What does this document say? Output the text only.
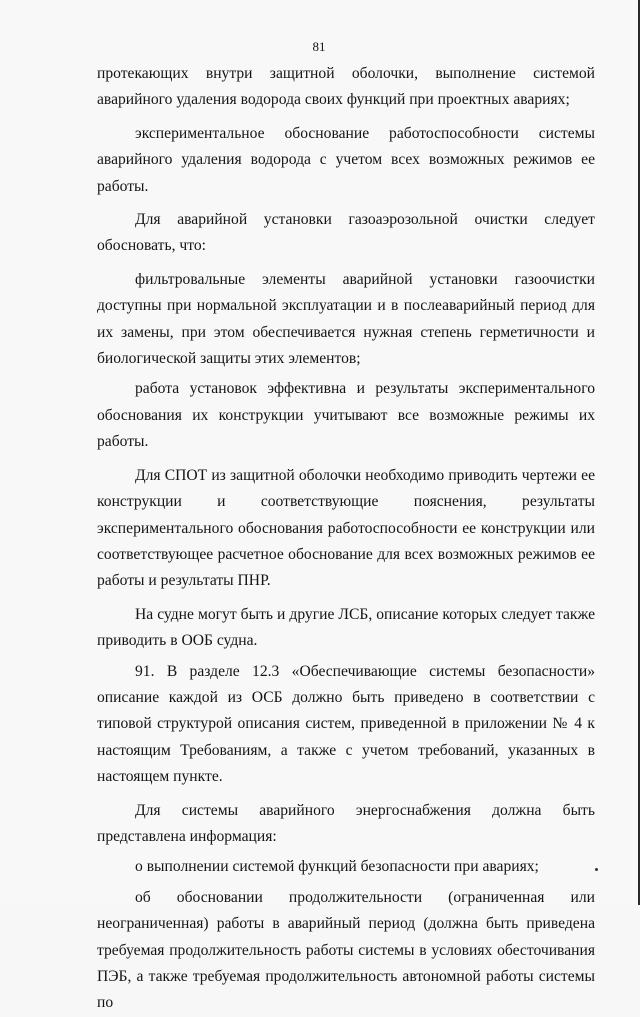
81

протекающих внутри защитной оболочки, выполнение системой аварийного удаления водорода своих функций при проектных авариях;

экспериментальное обоснование работоспособности системы аварийного удаления водорода с учетом всех возможных режимов ее работы.

Для аварийной установки газоаэрозольной очистки следует обосновать, что:

фильтровальные элементы аварийной установки газоочистки доступны при нормальной эксплуатации и в послеаварийный период для их замены, при этом обеспечивается нужная степень герметичности и биологической защиты этих элементов;

работа установок эффективна и результаты экспериментального обоснования их конструкции учитывают все возможные режимы их работы.

Для СПОТ из защитной оболочки необходимо приводить чертежи ее конструкции и соответствующие пояснения, результаты экспериментального обоснования работоспособности ее конструкции или соответствующее расчетное обоснование для всех возможных режимов ее работы и результаты ПНР.

На судне могут быть и другие ЛСБ, описание которых следует также приводить в ООБ судна.

91. В разделе 12.3 «Обеспечивающие системы безопасности» описание каждой из ОСБ должно быть приведено в соответствии с типовой структурой описания систем, приведенной в приложении № 4 к настоящим Требованиям, а также с учетом требований, указанных в настоящем пункте.

Для системы аварийного энергоснабжения должна быть представлена информация:

о выполнении системой функций безопасности при авариях;

об обосновании продолжительности (ограниченная или неограниченная) работы в аварийный период (должна быть приведена требуемая продолжительность работы системы в условиях обесточивания ПЭБ, а также требуемая продолжительность автономной работы системы по
